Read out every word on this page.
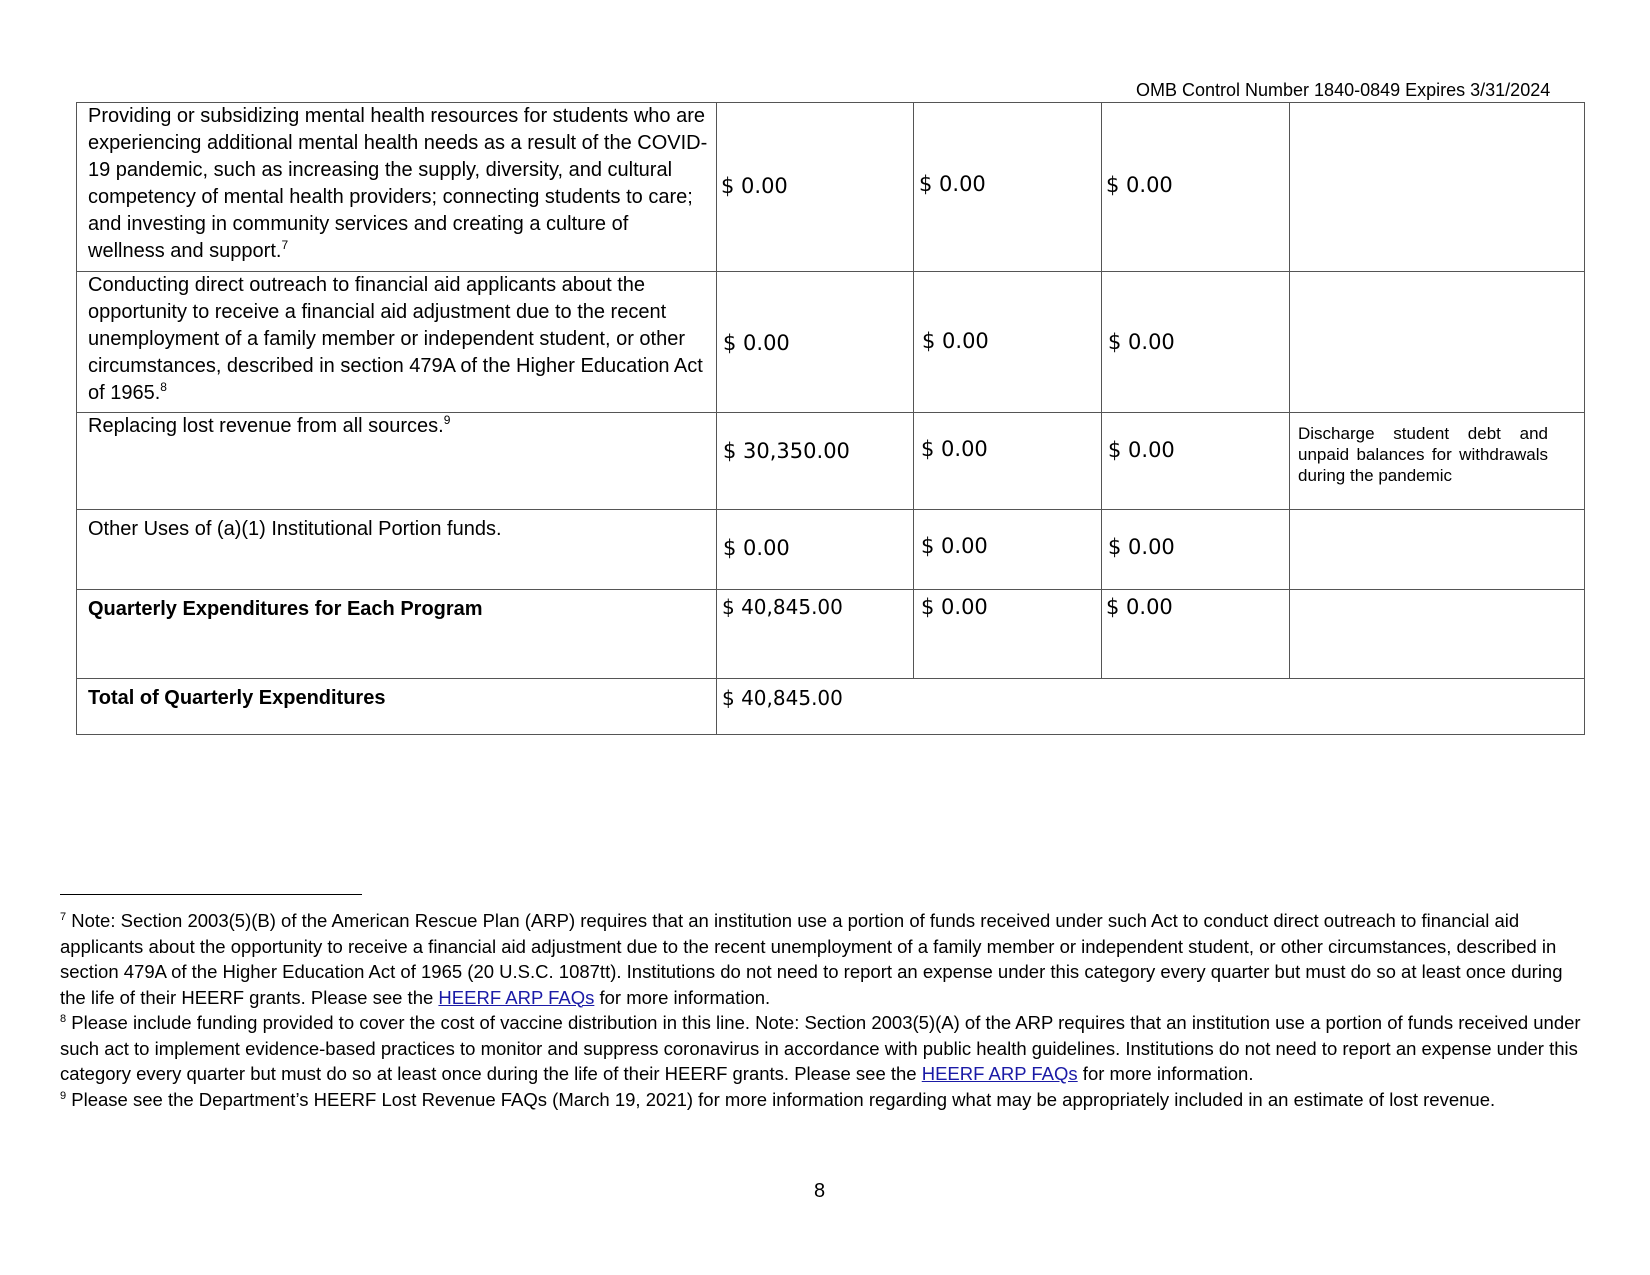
OMB Control Number 1840-0849 Expires 3/31/2024
Providing or subsidizing mental health resources for students who are experiencing additional mental health needs as a result of the COVID-19 pandemic, such as increasing the supply, diversity, and cultural competency of mental health providers; connecting students to care; and investing in community services and creating a culture of wellness and support.$^7$	$ 0.00	$ 0.00	$ 0.00	

Conducting direct outreach to financial aid applicants about the opportunity to receive a financial aid adjustment due to the recent unemployment of a family member or independent student, or other circumstances, described in section 479A of the Higher Education Act of 1965.$^8$	$ 0.00	$ 0.00	$ 0.00	

Replacing lost revenue from all sources.$^9$	$ 30,350.00	$ 0.00	$ 0.00	Discharge student debt and unpaid balances for withdrawals during the pandemic
Other Uses of (a)(1) Institutional Portion funds.	$ 0.00	$ 0.00	$ 0.00	

Quarterly Expenditures for Each Program	$ 40,845.00	$ 0.00	$ 0.00	

Total of Quarterly Expenditures	$ 40,845.00			

$^7$ Note: Section 2003(5)(B) of the American Rescue Plan (ARP) requires that an institution use a portion of funds received under such Act to conduct direct outreach to financial aid applicants about the opportunity to receive a financial aid adjustment due to the recent unemployment of a family member or independent student, or other circumstances, described in section 479A of the Higher Education Act of 1965 (20 U.S.C. 1087tt). Institutions do not need to report an expense under this category every quarter but must do so at least once during the life of their HEERF grants. Please see the HEERF ARP FAQs for more information.

$^8$ Please include funding provided to cover the cost of vaccine distribution in this line. Note: Section 2003(5)(A) of the ARP requires that an institution use a portion of funds received under such act to implement evidence-based practices to monitor and suppress coronavirus in accordance with public health guidelines. Institutions do not need to report an expense under this category every quarter but must do so at least once during the life of their HEERF grants. Please see the HEERF ARP FAQs for more information.

$^9$ Please see the Department’s HEERF Lost Revenue FAQs (March 19, 2021) for more information regarding what may be appropriately included in an estimate of lost revenue.

8
